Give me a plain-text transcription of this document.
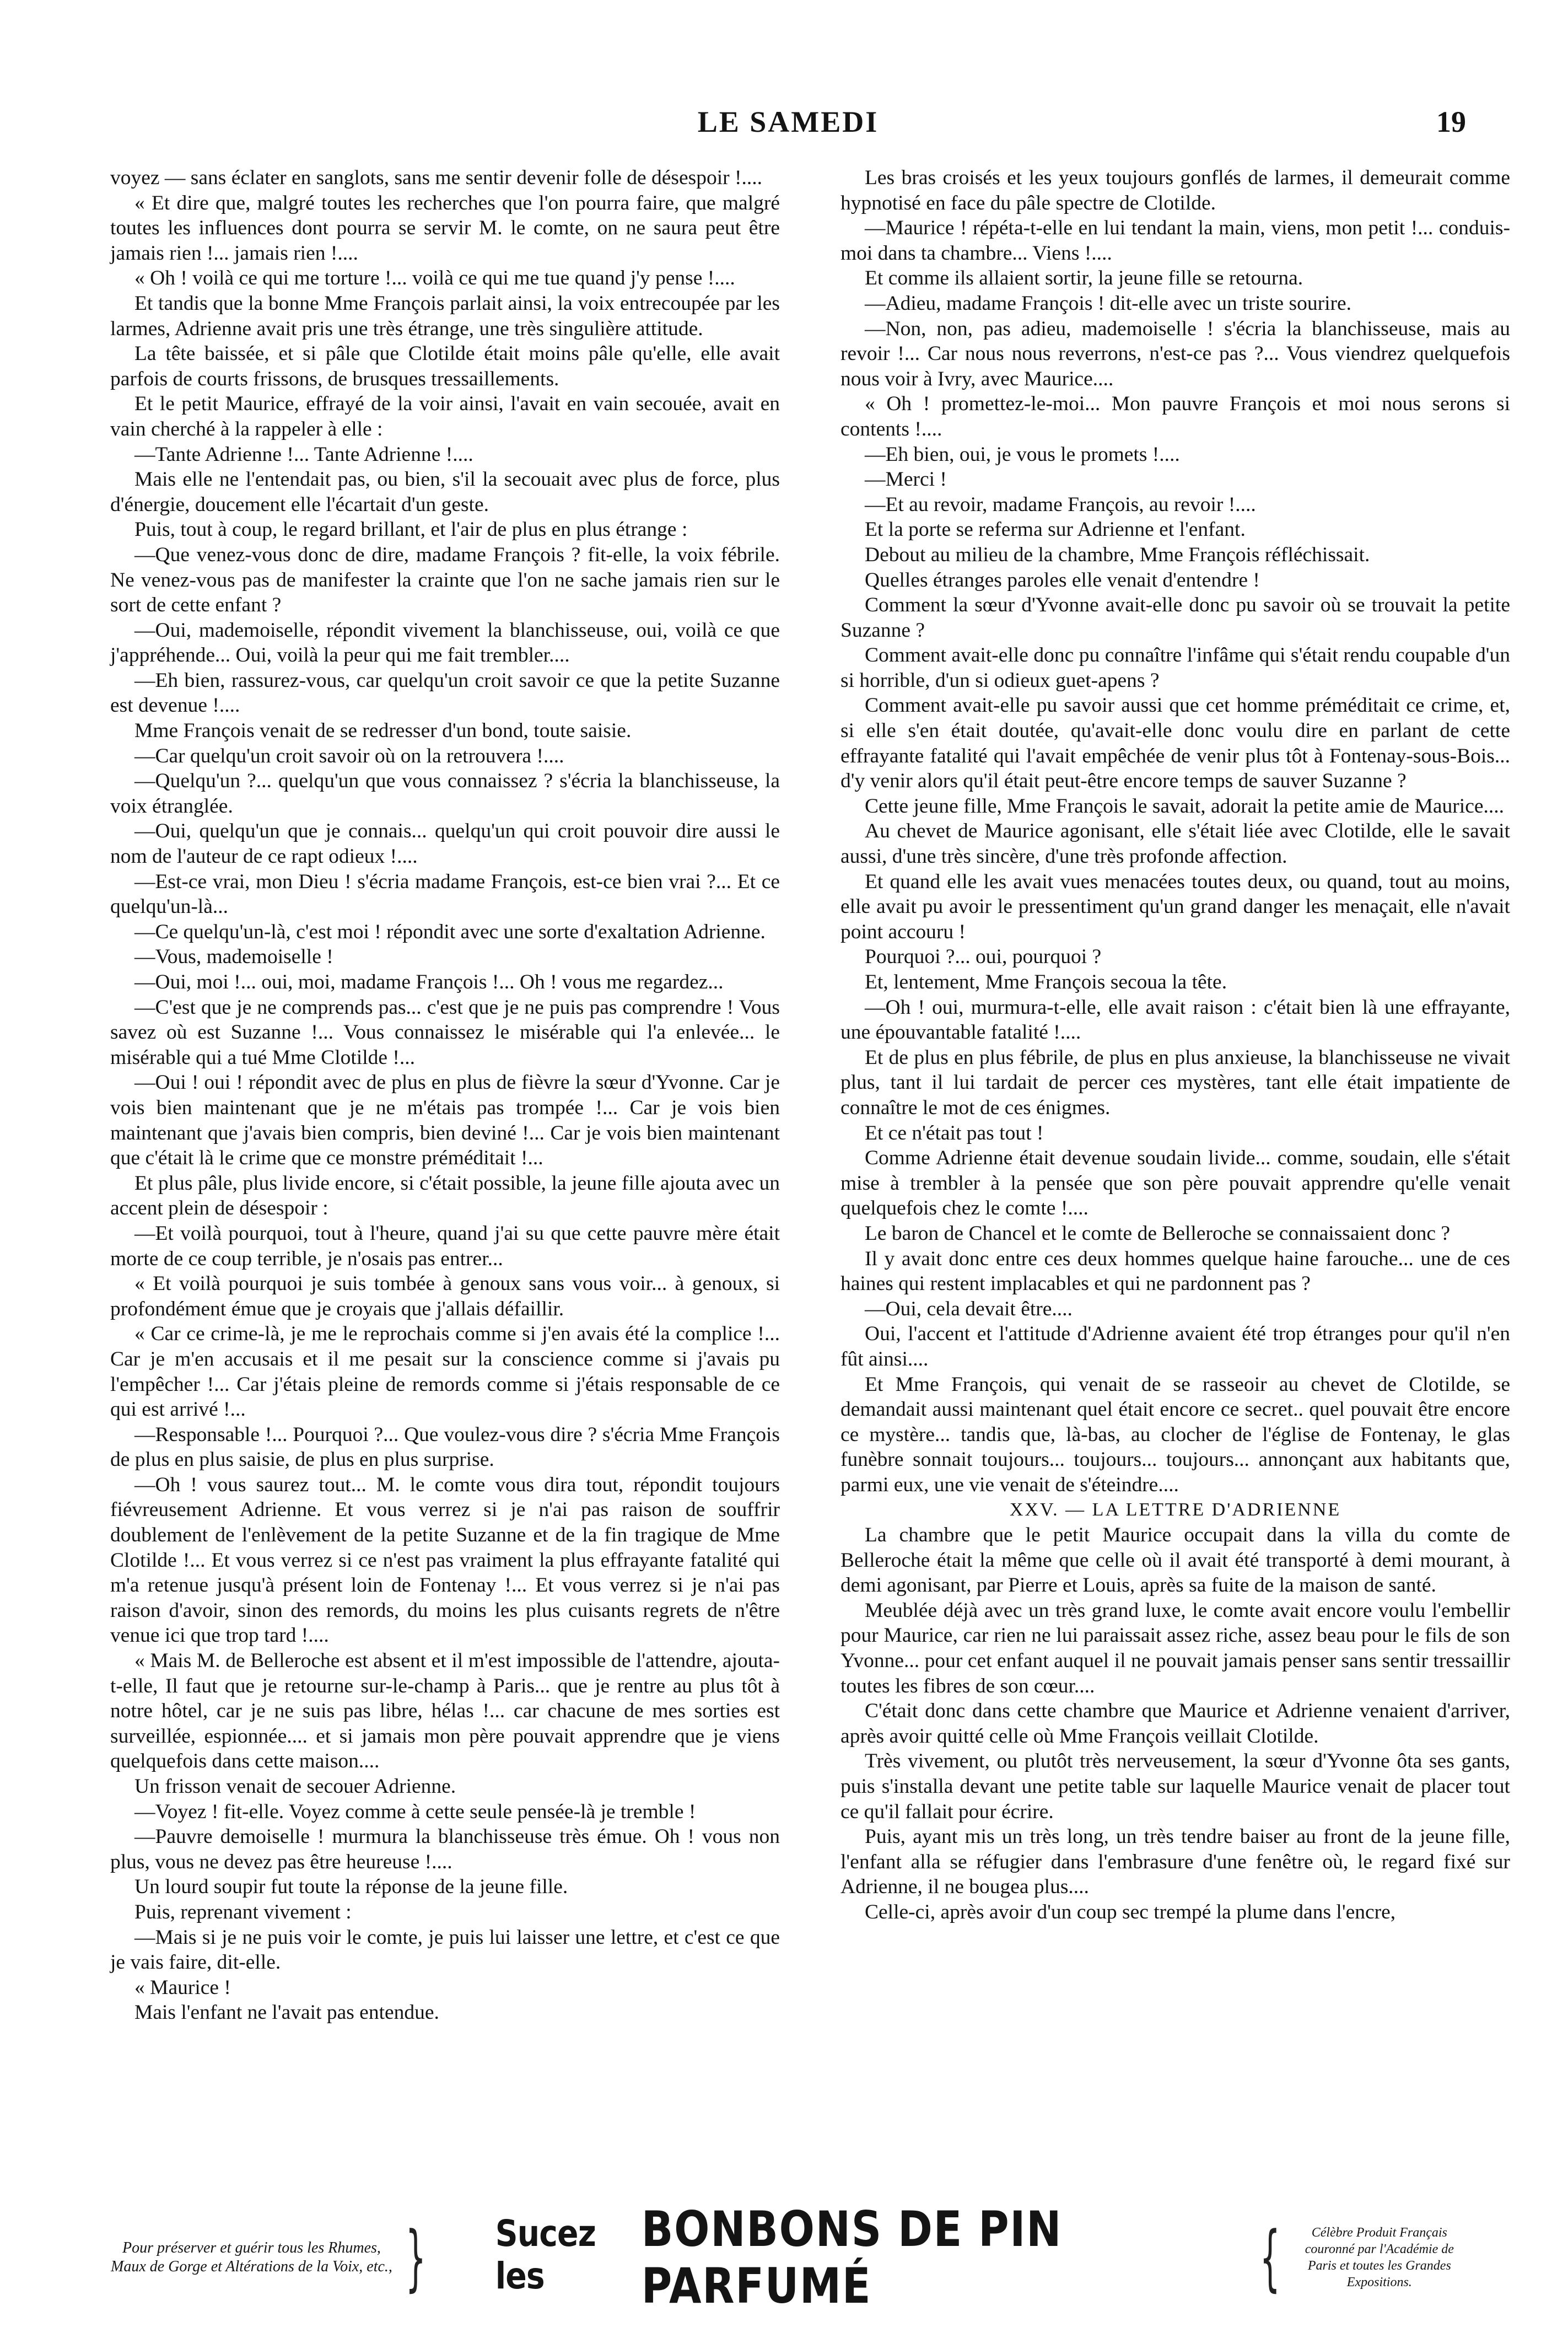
LE SAMEDI	19

voyez — sans éclater en sanglots, sans me sentir devenir folle de désespoir !....

« Et dire que, malgré toutes les recherches que l'on pourra faire, que malgré toutes les influences dont pourra se servir M. le comte, on ne saura peut être jamais rien !... jamais rien !....

« Oh ! voilà ce qui me torture !... voilà ce qui me tue quand j'y pense !....

Et tandis que la bonne Mme François parlait ainsi, la voix entrecoupée par les larmes, Adrienne avait pris une très étrange, une très singulière attitude.

La tête baissée, et si pâle que Clotilde était moins pâle qu'elle, elle avait parfois de courts frissons, de brusques tressaillements.

Et le petit Maurice, effrayé de la voir ainsi, l'avait en vain secouée, avait en vain cherché à la rappeler à elle :

—Tante Adrienne !... Tante Adrienne !....

Mais elle ne l'entendait pas, ou bien, s'il la secouait avec plus de force, plus d'énergie, doucement elle l'écartait d'un geste.

Puis, tout à coup, le regard brillant, et l'air de plus en plus étrange :

—Que venez-vous donc de dire, madame François ? fit-elle, la voix fébrile. Ne venez-vous pas de manifester la crainte que l'on ne sache jamais rien sur le sort de cette enfant ?

—Oui, mademoiselle, répondit vivement la blanchisseuse, oui, voilà ce que j'appréhende... Oui, voilà la peur qui me fait trembler....

—Eh bien, rassurez-vous, car quelqu'un croit savoir ce que la petite Suzanne est devenue !....

Mme François venait de se redresser d'un bond, toute saisie.

—Car quelqu'un croit savoir où on la retrouvera !....

—Quelqu'un ?... quelqu'un que vous connaissez ? s'écria la blanchisseuse, la voix étranglée.

—Oui, quelqu'un que je connais... quelqu'un qui croit pouvoir dire aussi le nom de l'auteur de ce rapt odieux !....

—Est-ce vrai, mon Dieu ! s'écria madame François, est-ce bien vrai ?... Et ce quelqu'un-là...

—Ce quelqu'un-là, c'est moi ! répondit avec une sorte d'exaltation Adrienne.

—Vous, mademoiselle !

—Oui, moi !... oui, moi, madame François !... Oh ! vous me regardez...

—C'est que je ne comprends pas... c'est que je ne puis pas comprendre ! Vous savez où est Suzanne !... Vous connaissez le misérable qui l'a enlevée... le misérable qui a tué Mme Clotilde !...

—Oui ! oui ! répondit avec de plus en plus de fièvre la sœur d'Yvonne. Car je vois bien maintenant que je ne m'étais pas trompée !... Car je vois bien maintenant que j'avais bien compris, bien deviné !... Car je vois bien maintenant que c'était là le crime que ce monstre préméditait !...

Et plus pâle, plus livide encore, si c'était possible, la jeune fille ajouta avec un accent plein de désespoir :

—Et voilà pourquoi, tout à l'heure, quand j'ai su que cette pauvre mère était morte de ce coup terrible, je n'osais pas entrer...

« Et voilà pourquoi je suis tombée à genoux sans vous voir... à genoux, si profondément émue que je croyais que j'allais défaillir.

« Car ce crime-là, je me le reprochais comme si j'en avais été la complice !... Car je m'en accusais et il me pesait sur la conscience comme si j'avais pu l'empêcher !... Car j'étais pleine de remords comme si j'étais responsable de ce qui est arrivé !...

—Responsable !... Pourquoi ?... Que voulez-vous dire ? s'écria Mme François de plus en plus saisie, de plus en plus surprise.

—Oh ! vous saurez tout... M. le comte vous dira tout, répondit toujours fiévreusement Adrienne. Et vous verrez si je n'ai pas raison de souffrir doublement de l'enlèvement de la petite Suzanne et de la fin tragique de Mme Clotilde !... Et vous verrez si ce n'est pas vraiment la plus effrayante fatalité qui m'a retenue jusqu'à présent loin de Fontenay !... Et vous verrez si je n'ai pas raison d'avoir, sinon des remords, du moins les plus cuisants regrets de n'être venue ici que trop tard !....

« Mais M. de Belleroche est absent et il m'est impossible de l'attendre, ajouta-t-elle, Il faut que je retourne sur-le-champ à Paris... que je rentre au plus tôt à notre hôtel, car je ne suis pas libre, hélas !... car chacune de mes sorties est surveillée, espionnée.... et si jamais mon père pouvait apprendre que je viens quelquefois dans cette maison....

Un frisson venait de secouer Adrienne.

—Voyez ! fit-elle. Voyez comme à cette seule pensée-là je tremble !

—Pauvre demoiselle ! murmura la blanchisseuse très émue. Oh ! vous non plus, vous ne devez pas être heureuse !....

Un lourd soupir fut toute la réponse de la jeune fille.

Puis, reprenant vivement :

—Mais si je ne puis voir le comte, je puis lui laisser une lettre, et c'est ce que je vais faire, dit-elle.

« Maurice !

Mais l'enfant ne l'avait pas entendue.

Les bras croisés et les yeux toujours gonflés de larmes, il demeurait comme hypnotisé en face du pâle spectre de Clotilde.

—Maurice ! répéta-t-elle en lui tendant la main, viens, mon petit !... conduis-moi dans ta chambre... Viens !....

Et comme ils allaient sortir, la jeune fille se retourna.

—Adieu, madame François ! dit-elle avec un triste sourire.

—Non, non, pas adieu, mademoiselle ! s'écria la blanchisseuse, mais au revoir !... Car nous nous reverrons, n'est-ce pas ?... Vous viendrez quelquefois nous voir à Ivry, avec Maurice....

« Oh ! promettez-le-moi... Mon pauvre François et moi nous serons si contents !....

—Eh bien, oui, je vous le promets !....

—Merci !

—Et au revoir, madame François, au revoir !....

Et la porte se referma sur Adrienne et l'enfant.

Debout au milieu de la chambre, Mme François réfléchissait.

Quelles étranges paroles elle venait d'entendre !

Comment la sœur d'Yvonne avait-elle donc pu savoir où se trouvait la petite Suzanne ?

Comment avait-elle donc pu connaître l'infâme qui s'était rendu coupable d'un si horrible, d'un si odieux guet-apens ?

Comment avait-elle pu savoir aussi que cet homme préméditait ce crime, et, si elle s'en était doutée, qu'avait-elle donc voulu dire en parlant de cette effrayante fatalité qui l'avait empêchée de venir plus tôt à Fontenay-sous-Bois... d'y venir alors qu'il était peut-être encore temps de sauver Suzanne ?

Cette jeune fille, Mme François le savait, adorait la petite amie de Maurice....

Au chevet de Maurice agonisant, elle s'était liée avec Clotilde, elle le savait aussi, d'une très sincère, d'une très profonde affection.

Et quand elle les avait vues menacées toutes deux, ou quand, tout au moins, elle avait pu avoir le pressentiment qu'un grand danger les menaçait, elle n'avait point accouru !

Pourquoi ?... oui, pourquoi ?

Et, lentement, Mme François secoua la tête.

—Oh ! oui, murmura-t-elle, elle avait raison : c'était bien là une effrayante, une épouvantable fatalité !....

Et de plus en plus fébrile, de plus en plus anxieuse, la blanchisseuse ne vivait plus, tant il lui tardait de percer ces mystères, tant elle était impatiente de connaître le mot de ces énigmes.

Et ce n'était pas tout !

Comme Adrienne était devenue soudain livide... comme, soudain, elle s'était mise à trembler à la pensée que son père pouvait apprendre qu'elle venait quelquefois chez le comte !....

Le baron de Chancel et le comte de Belleroche se connaissaient donc ?

Il y avait donc entre ces deux hommes quelque haine farouche... une de ces haines qui restent implacables et qui ne pardonnent pas ?

—Oui, cela devait être....

Oui, l'accent et l'attitude d'Adrienne avaient été trop étranges pour qu'il n'en fût ainsi....

Et Mme François, qui venait de se rasseoir au chevet de Clotilde, se demandait aussi maintenant quel était encore ce secret.. quel pouvait être encore ce mystère... tandis que, là-bas, au clocher de l'église de Fontenay, le glas funèbre sonnait toujours... toujours... toujours... annonçant aux habitants que, parmi eux, une vie venait de s'éteindre....

XXV. — LA LETTRE D'ADRIENNE

La chambre que le petit Maurice occupait dans la villa du comte de Belleroche était la même que celle où il avait été transporté à demi mourant, à demi agonisant, par Pierre et Louis, après sa fuite de la maison de santé.

Meublée déjà avec un très grand luxe, le comte avait encore voulu l'embellir pour Maurice, car rien ne lui paraissait assez riche, assez beau pour le fils de son Yvonne... pour cet enfant auquel il ne pouvait jamais penser sans sentir tressaillir toutes les fibres de son cœur....

C'était donc dans cette chambre que Maurice et Adrienne venaient d'arriver, après avoir quitté celle où Mme François veillait Clotilde.

Très vivement, ou plutôt très nerveusement, la sœur d'Yvonne ôta ses gants, puis s'installa devant une petite table sur laquelle Maurice venait de placer tout ce qu'il fallait pour écrire.

Puis, ayant mis un très long, un très tendre baiser au front de la jeune fille, l'enfant alla se réfugier dans l'embrasure d'une fenêtre où, le regard fixé sur Adrienne, il ne bougea plus....

Celle-ci, après avoir d'un coup sec trempé la plume dans l'encre,

Pour préserver et guérir tous les Rhumes, Maux de Gorge et Altérations de la Voix, etc., } Sucez les
BONBONS DE PIN PARFUMÉ	{	Célèbre Produit Français couronné par l'Académie de Paris et toutes les Grandes Expositions.
